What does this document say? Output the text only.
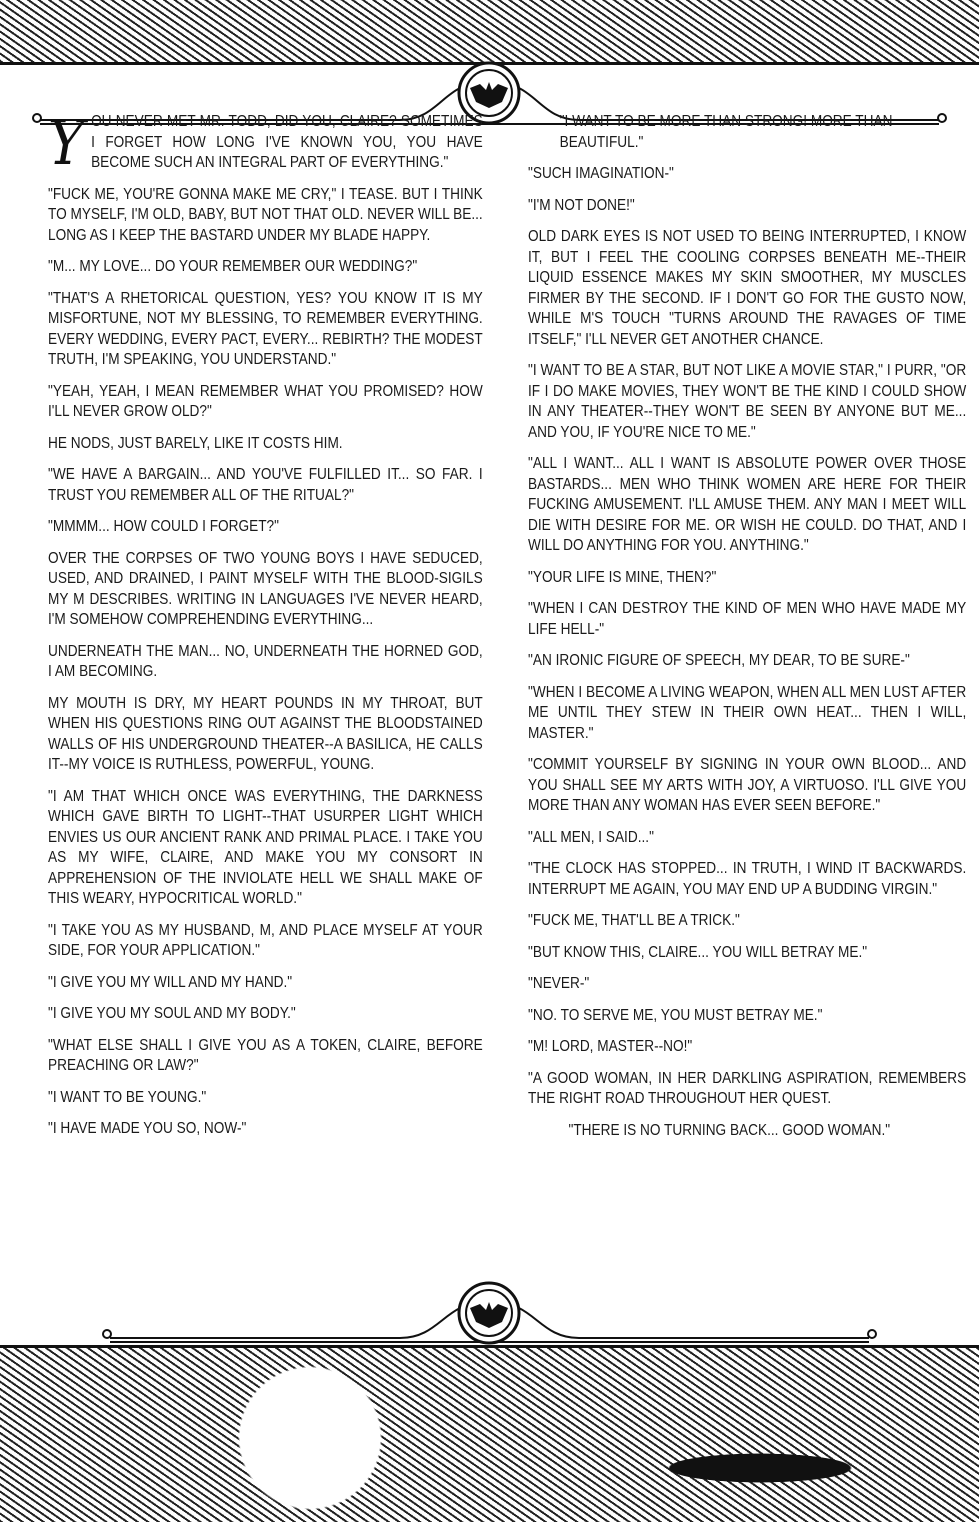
Y OU NEVER MET MR. TODD, DID YOU, CLAIRE? SOMETIMES I FORGET HOW LONG I'VE KNOWN YOU, YOU HAVE BECOME SUCH AN INTEGRAL PART OF EVERYTHING."

"FUCK ME, YOU'RE GONNA MAKE ME CRY," I TEASE. BUT I THINK TO MYSELF, I'M OLD, BABY, BUT NOT THAT OLD. NEVER WILL BE... LONG AS I KEEP THE BASTARD UNDER MY BLADE HAPPY.

"M... MY LOVE... DO YOUR REMEMBER OUR WEDDING?"

"THAT'S A RHETORICAL QUESTION, YES? YOU KNOW IT IS MY MISFORTUNE, NOT MY BLESSING, TO REMEMBER EVERYTHING. EVERY WEDDING, EVERY PACT, EVERY... REBIRTH? THE MODEST TRUTH, I'M SPEAKING, YOU UNDERSTAND."

"YEAH, YEAH, I MEAN REMEMBER WHAT YOU PROMISED? HOW I'LL NEVER GROW OLD?"

HE NODS, JUST BARELY, LIKE IT COSTS HIM.

"WE HAVE A BARGAIN... AND YOU'VE FULFILLED IT... SO FAR. I TRUST YOU REMEMBER ALL OF THE RITUAL?"

"MMMM... HOW COULD I FORGET?"

OVER THE CORPSES OF TWO YOUNG BOYS I HAVE SEDUCED, USED, AND DRAINED, I PAINT MYSELF WITH THE BLOOD-SIGILS MY M DESCRIBES. WRITING IN LANGUAGES I'VE NEVER HEARD, I'M SOMEHOW COMPREHENDING EVERYTHING...

UNDERNEATH THE MAN... NO, UNDERNEATH THE HORNED GOD, I AM BECOMING.

MY MOUTH IS DRY, MY HEART POUNDS IN MY THROAT, BUT WHEN HIS QUESTIONS RING OUT AGAINST THE BLOODSTAINED WALLS OF HIS UNDERGROUND THEATER--A BASILICA, HE CALLS IT--MY VOICE IS RUTHLESS, POWERFUL, YOUNG.

"I AM THAT WHICH ONCE WAS EVERYTHING, THE DARKNESS WHICH GAVE BIRTH TO LIGHT--THAT USURPER LIGHT WHICH ENVIES US OUR ANCIENT RANK AND PRIMAL PLACE. I TAKE YOU AS MY WIFE, CLAIRE, AND MAKE YOU MY CONSORT IN APPREHENSION OF THE INVIOLATE HELL WE SHALL MAKE OF THIS WEARY, HYPOCRITICAL WORLD."

"I TAKE YOU AS MY HUSBAND, M, AND PLACE MYSELF AT YOUR SIDE, FOR YOUR APPLICATION."

"I GIVE YOU MY WILL AND MY HAND."

"I GIVE YOU MY SOUL AND MY BODY."

"WHAT ELSE SHALL I GIVE YOU AS A TOKEN, CLAIRE, BEFORE PREACHING OR LAW?"

"I WANT TO BE YOUNG."

"I HAVE MADE YOU SO, NOW-"

"I WANT TO BE MORE THAN STRONG! MORE THAN BEAUTIFUL."

"SUCH IMAGINATION-"

"I'M NOT DONE!"

OLD DARK EYES IS NOT USED TO BEING INTERRUPTED, I KNOW IT, BUT I FEEL THE COOLING CORPSES BENEATH ME--THEIR LIQUID ESSENCE MAKES MY SKIN SMOOTHER, MY MUSCLES FIRMER BY THE SECOND. IF I DON'T GO FOR THE GUSTO NOW, WHILE M'S TOUCH "TURNS AROUND THE RAVAGES OF TIME ITSELF," I'LL NEVER GET ANOTHER CHANCE.

"I WANT TO BE A STAR, BUT NOT LIKE A MOVIE STAR," I PURR, "OR IF I DO MAKE MOVIES, THEY WON'T BE THE KIND I COULD SHOW IN ANY THEATER--THEY WON'T BE SEEN BY ANYONE BUT ME... AND YOU, IF YOU'RE NICE TO ME."

"ALL I WANT... ALL I WANT IS ABSOLUTE POWER OVER THOSE BASTARDS... MEN WHO THINK WOMEN ARE HERE FOR THEIR FUCKING AMUSEMENT. I'LL AMUSE THEM. ANY MAN I MEET WILL DIE WITH DESIRE FOR ME. OR WISH HE COULD. DO THAT, AND I WILL DO ANYTHING FOR YOU. ANYTHING."

"YOUR LIFE IS MINE, THEN?"

"WHEN I CAN DESTROY THE KIND OF MEN WHO HAVE MADE MY LIFE HELL-"

"AN IRONIC FIGURE OF SPEECH, MY DEAR, TO BE SURE-"

"WHEN I BECOME A LIVING WEAPON, WHEN ALL MEN LUST AFTER ME UNTIL THEY STEW IN THEIR OWN HEAT... THEN I WILL, MASTER."

"COMMIT YOURSELF BY SIGNING IN YOUR OWN BLOOD... AND YOU SHALL SEE MY ARTS WITH JOY, A VIRTUOSO. I'LL GIVE YOU MORE THAN ANY WOMAN HAS EVER SEEN BEFORE."

"ALL MEN, I SAID..."

"THE CLOCK HAS STOPPED... IN TRUTH, I WIND IT BACKWARDS. INTERRUPT ME AGAIN, YOU MAY END UP A BUDDING VIRGIN."

"FUCK ME, THAT'LL BE A TRICK."

"BUT KNOW THIS, CLAIRE... YOU WILL BETRAY ME."

"NEVER-"

"NO. TO SERVE ME, YOU MUST BETRAY ME."

"M! LORD, MASTER--NO!"

"A GOOD WOMAN, IN HER DARKLING ASPIRATION, REMEMBERS THE RIGHT ROAD THROUGHOUT HER QUEST.

"THERE IS NO TURNING BACK... GOOD WOMAN."
